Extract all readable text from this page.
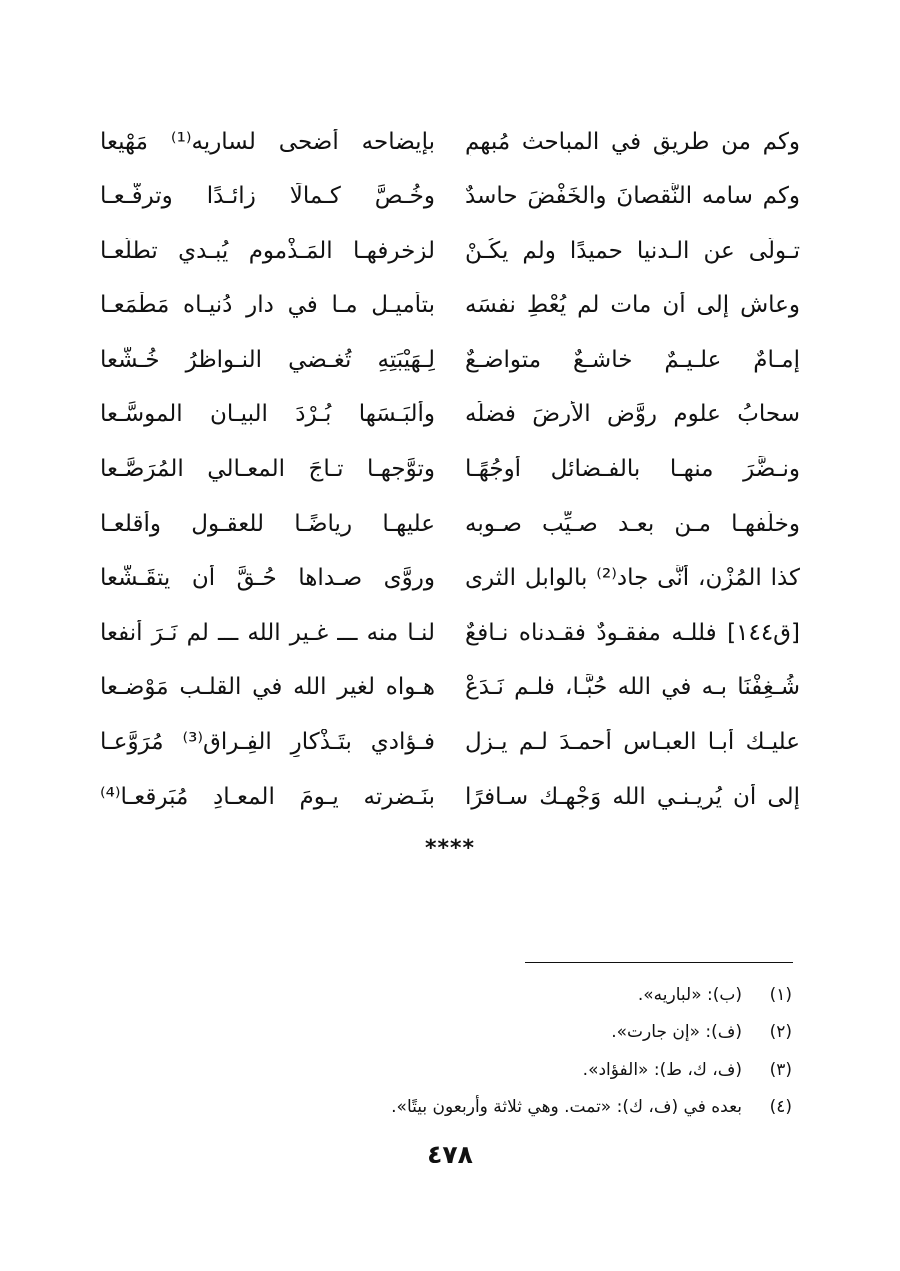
وكم من طريقٍ في المباحث مُبهمٍ
بإيضاحه أضحى لساريه⁽¹⁾ مَهْيعا
وكم سامه النُّقصانَ والخَفْضَ حاسدٌ
وخُـصَّ كـمالًا زائـدًا وترفُّـعـا
تـولَّى عن الـدنيا حميدًا ولم يكُـنْ
لزخرفهـا المَـذْمومِ يُبـدي تطلُّعـا
وعاش إلى أن مات لم يُعْطِ نفسَه
بتأميـل مـا في دار دُنيـاه مَطْمَعـا
إمـامٌ علـيـمٌ خاشـعٌ متواضـعٌ
لِـهَيْبَتِهِ تُغـضي النـواظرُ خُـشَّعا
سحابُ علوم روَّض الأرضَ فضلُه
وألبَـسَها بُـرْدَ البيـان الموسَّـعا
ونـضَّرَ منهـا بالفـضائل أوجُهًـا
وتوَّجهـا تـاجَ المعـالي المُرَصَّـعا
وخلَّفهـا مـن بعـد صـيِّب صـوبه
عليهـا رياضًـا للعقـول وأقلعـا
كذا المُزْن، أنَّى جاد⁽²⁾ بالوابل الثرى
وروَّى صـداها حُـقَّ أن يتقَـشَّعا
[ق١٤٤] فللـه مفقـودٌ فقـدناه نـافعٌ
لنـا منه ـــ غـير الله ـــ لم نَـرَ أنفعا
شُـغِفْنَا بـه في الله حُبًّـا، فلـم نَـدَعْ
هـواه لغير الله في القلـب مَوْضـعا
عليـك أبـا العبـاس أحمـدَ لـم يـزل
فـؤادي بتَـذْكارِ الفِـراق⁽³⁾ مُرَوَّعـا
إلى أن يُريـنـي الله وَجْهـك سـافرًا
بنَـضرته يـومَ المعـادِ مُبَرقعـا⁽⁴⁾
****
(١)
(ب): «لباريه».
(٢)
(ف): «إن جارت».
(٣)
(ف، ك، ط): «الفؤاد».
(٤)
بعده في (ف، ك): «تمت. وهي ثلاثة وأربعون بيتًا».
٤٧٨
